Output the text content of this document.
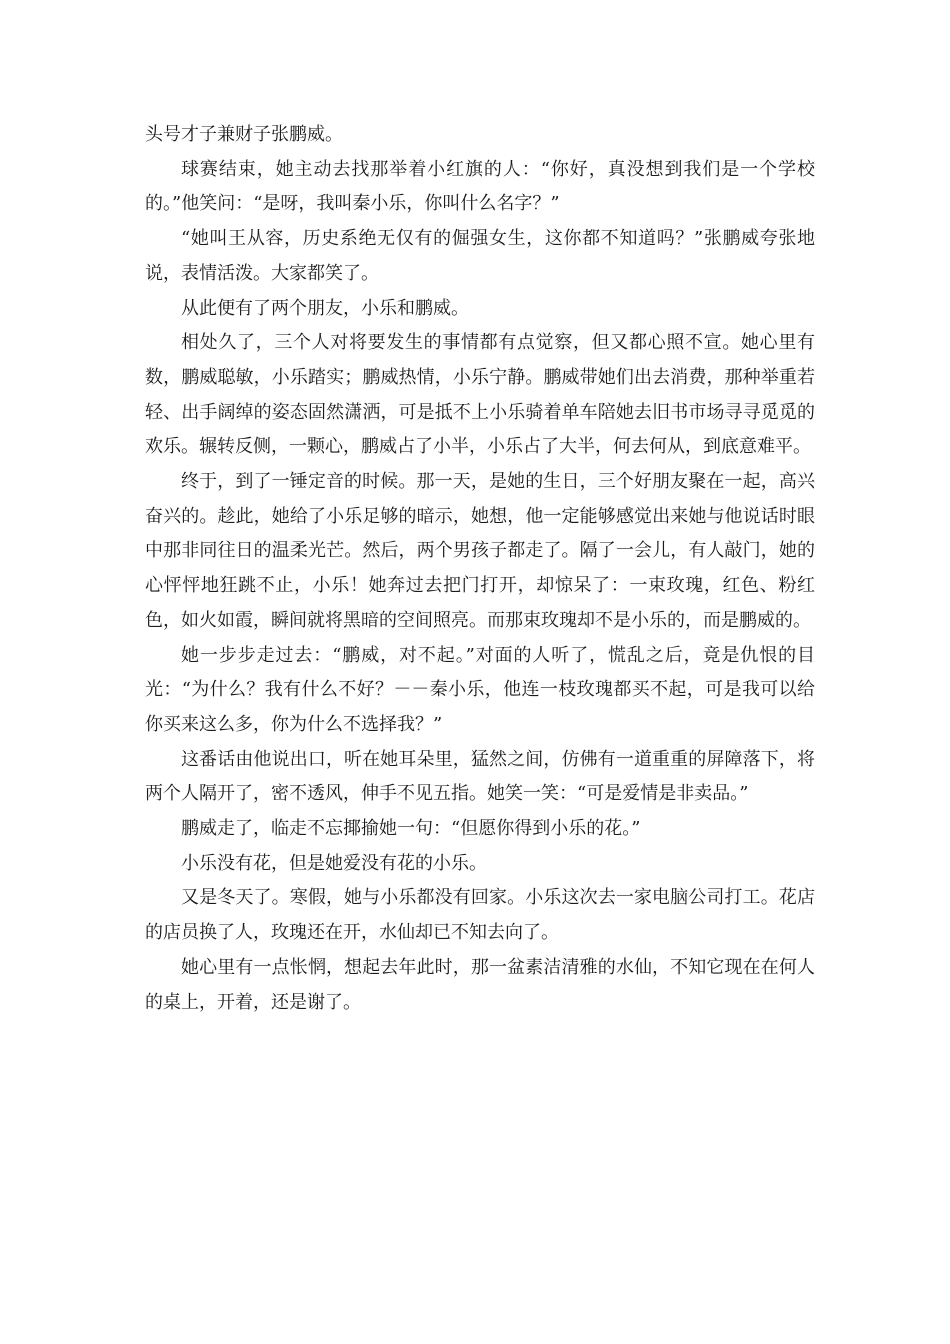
头号才子兼财子张鹏威。

球赛结束，她主动去找那举着小红旗的人：“你好，真没想到我们是一个学校的。”他笑问：“是呀，我叫秦小乐，你叫什么名字？”

“她叫王从容，历史系绝无仅有的倔强女生，这你都不知道吗？”张鹏威夸张地说，表情活泼。大家都笑了。

从此便有了两个朋友，小乐和鹏威。

相处久了，三个人对将要发生的事情都有点觉察，但又都心照不宣。她心里有数，鹏威聪敏，小乐踏实；鹏威热情，小乐宁静。鹏威带她们出去消费，那种举重若轻、出手阔绰的姿态固然潇洒，可是抵不上小乐骑着单车陪她去旧书市场寻寻觅觅的欢乐。辗转反侧，一颗心，鹏威占了小半，小乐占了大半，何去何从，到底意难平。

终于，到了一锤定音的时候。那一天，是她的生日，三个好朋友聚在一起，高兴奋兴的。趁此，她给了小乐足够的暗示，她想，他一定能够感觉出来她与他说话时眼中那非同往日的温柔光芒。然后，两个男孩子都走了。隔了一会儿，有人敲门，她的心怦怦地狂跳不止，小乐！她奔过去把门打开，却惊呆了：一束玫瑰，红色、粉红色，如火如霞，瞬间就将黑暗的空间照亮。而那束玫瑰却不是小乐的，而是鹏威的。

她一步步走过去：“鹏威，对不起。”对面的人听了，慌乱之后，竟是仇恨的目光：“为什么？我有什么不好？－－秦小乐，他连一枝玫瑰都买不起，可是我可以给你买来这么多，你为什么不选择我？”

这番话由他说出口，听在她耳朵里，猛然之间，仿佛有一道重重的屏障落下，将两个人隔开了，密不透风，伸手不见五指。她笑一笑：“可是爱情是非卖品。”

鹏威走了，临走不忘揶揄她一句：“但愿你得到小乐的花。”

小乐没有花，但是她爱没有花的小乐。

又是冬天了。寒假，她与小乐都没有回家。小乐这次去一家电脑公司打工。花店的店员换了人，玫瑰还在开，水仙却已不知去向了。

她心里有一点怅惘，想起去年此时，那一盆素洁清雅的水仙，不知它现在在何人的桌上，开着，还是谢了。
